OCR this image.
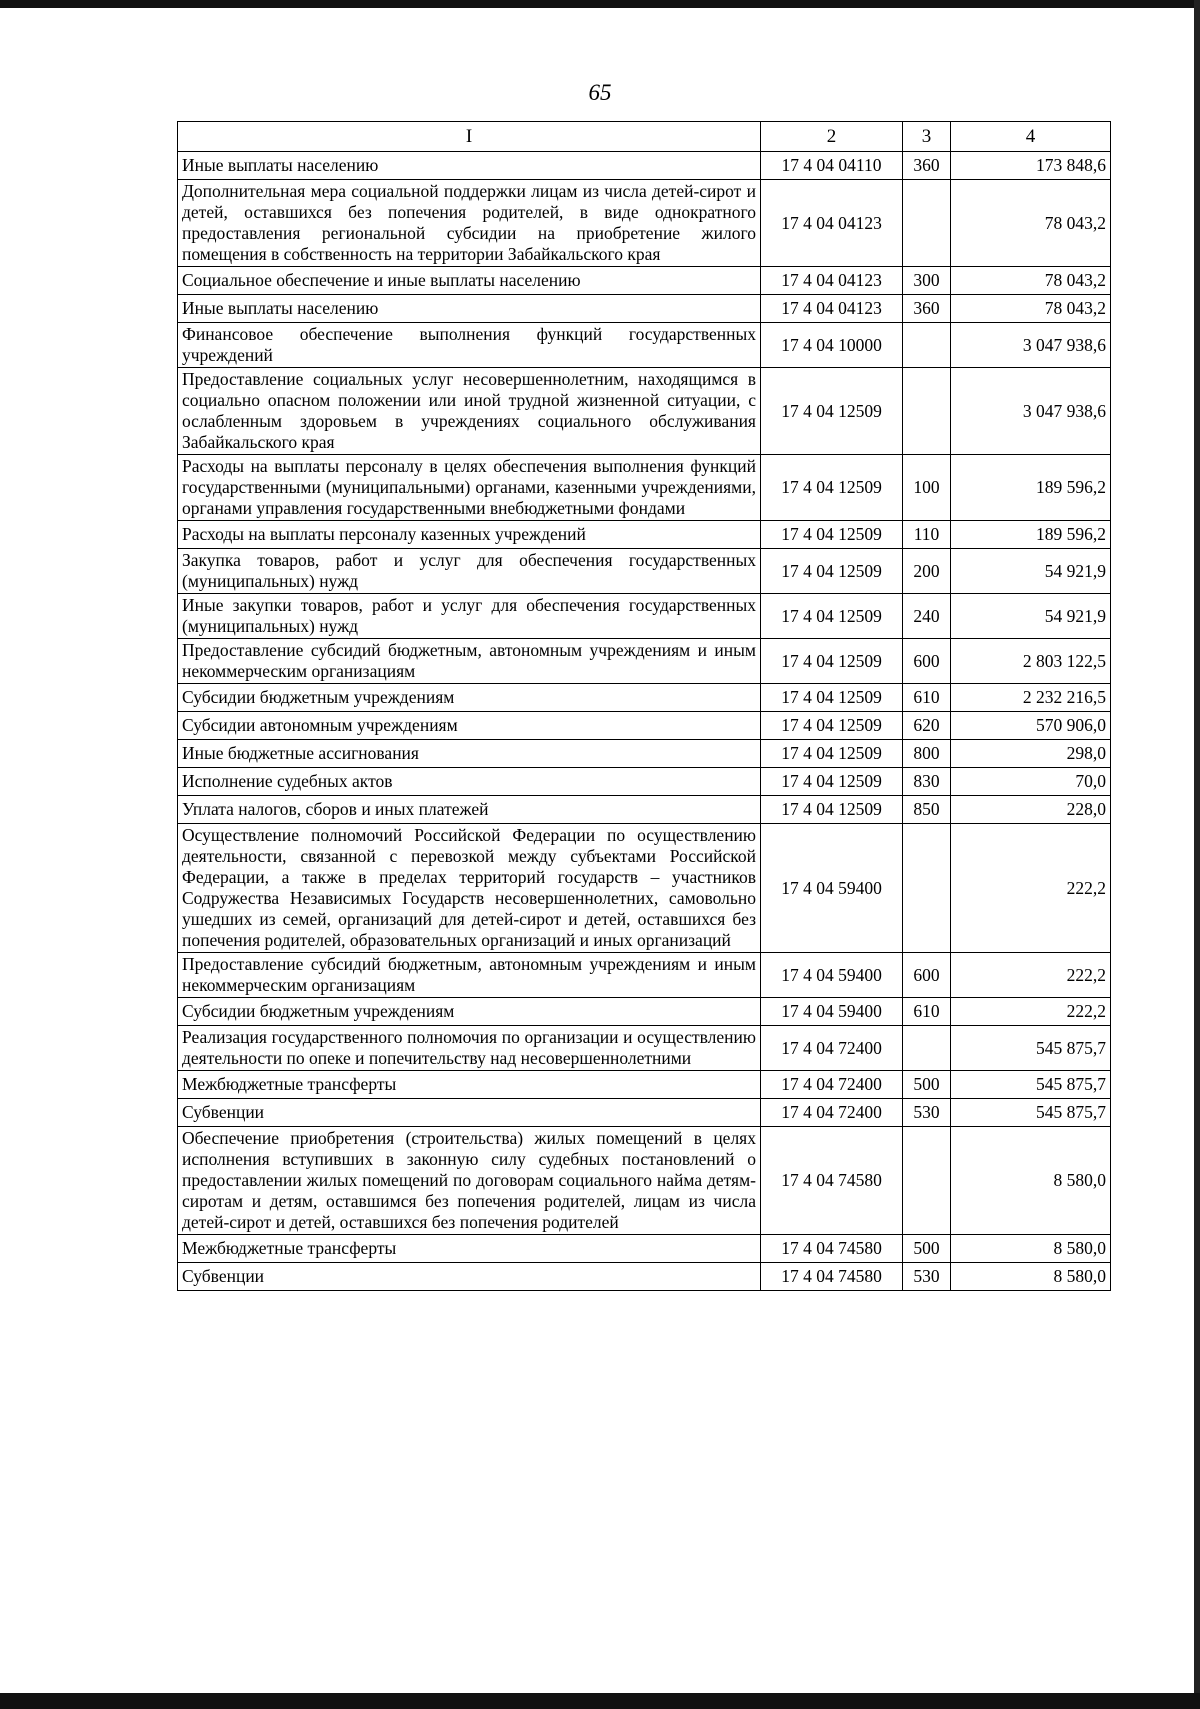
65
I	2	3	4
Иные выплаты населению	17 4 04 04110	360	173 848,6
Дополнительная мера социальной поддержки лицам из числа детей-сирот и детей, оставшихся без попечения родителей, в виде однократного предоставления региональной субсидии на приобретение жилого помещения в собственность на территории Забайкальского края	17 4 04 04123		78 043,2
Социальное обеспечение и иные выплаты населению	17 4 04 04123	300	78 043,2
Иные выплаты населению	17 4 04 04123	360	78 043,2
Финансовое обеспечение выполнения функций государственных учреждений	17 4 04 10000		3 047 938,6
Предоставление социальных услуг несовершеннолетним, находящимся в социально опасном положении или иной трудной жизненной ситуации, с ослабленным здоровьем в учреждениях социального обслуживания Забайкальского края	17 4 04 12509		3 047 938,6
Расходы на выплаты персоналу в целях обеспечения выполнения функций государственными (муниципальными) органами, казенными учреждениями, органами управления государственными внебюджетными фондами	17 4 04 12509	100	189 596,2
Расходы на выплаты персоналу казенных учреждений	17 4 04 12509	110	189 596,2
Закупка товаров, работ и услуг для обеспечения государственных (муниципальных) нужд	17 4 04 12509	200	54 921,9
Иные закупки товаров, работ и услуг для обеспечения государственных (муниципальных) нужд	17 4 04 12509	240	54 921,9
Предоставление субсидий бюджетным, автономным учреждениям и иным некоммерческим организациям	17 4 04 12509	600	2 803 122,5
Субсидии бюджетным учреждениям	17 4 04 12509	610	2 232 216,5
Субсидии автономным учреждениям	17 4 04 12509	620	570 906,0
Иные бюджетные ассигнования	17 4 04 12509	800	298,0
Исполнение судебных актов	17 4 04 12509	830	70,0
Уплата налогов, сборов и иных платежей	17 4 04 12509	850	228,0
Осуществление полномочий Российской Федерации по осуществлению деятельности, связанной с перевозкой между субъектами Российской Федерации, а также в пределах территорий государств – участников Содружества Независимых Государств несовершеннолетних, самовольно ушедших из семей, организаций для детей-сирот и детей, оставшихся без попечения родителей, образовательных организаций и иных организаций	17 4 04 59400		222,2
Предоставление субсидий бюджетным, автономным учреждениям и иным некоммерческим организациям	17 4 04 59400	600	222,2
Субсидии бюджетным учреждениям	17 4 04 59400	610	222,2
Реализация государственного полномочия по организации и осуществлению деятельности по опеке и попечительству над несовершеннолетними	17 4 04 72400		545 875,7
Межбюджетные трансферты	17 4 04 72400	500	545 875,7
Субвенции	17 4 04 72400	530	545 875,7
Обеспечение приобретения (строительства) жилых помещений в целях исполнения вступивших в законную силу судебных постановлений о предоставлении жилых помещений по договорам социального найма детям-сиротам и детям, оставшимся без попечения родителей, лицам из числа детей-сирот и детей, оставшихся без попечения родителей	17 4 04 74580		8 580,0
Межбюджетные трансферты	17 4 04 74580	500	8 580,0
Субвенции	17 4 04 74580	530	8 580,0
